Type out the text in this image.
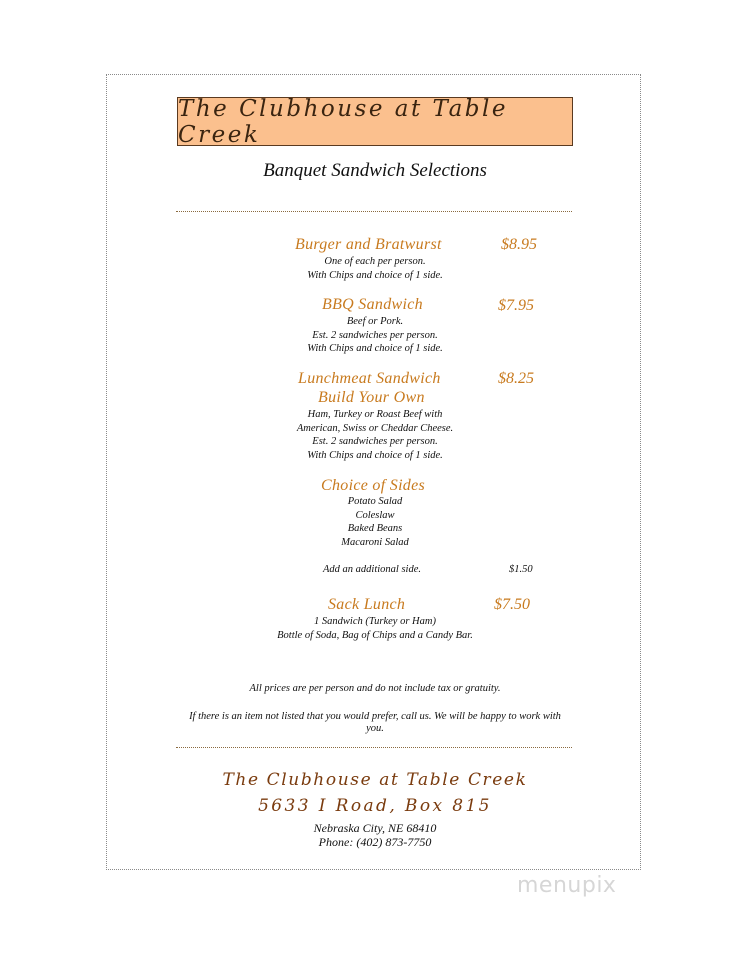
The Clubhouse at Table Creek
Banquet Sandwich Selections
Burger and Bratwurst	$8.95
One of each per person.
With Chips and choice of 1 side.
BBQ Sandwich	$7.95
Beef or Pork.
Est. 2 sandwiches per person.
With Chips and choice of 1 side.
Lunchmeat Sandwich	$8.25
Build Your Own
Ham, Turkey or Roast Beef with
American, Swiss or Cheddar Cheese.
Est. 2 sandwiches per person.
With Chips and choice of 1 side.
Choice of Sides
Potato Salad
Coleslaw
Baked Beans
Macaroni Salad
Add an additional side.	$1.50
Sack Lunch	$7.50
1 Sandwich (Turkey or Ham)
Bottle of Soda, Bag of Chips and a Candy Bar.
All prices are per person and do not include tax or gratuity.
If there is an item not listed that you would prefer, call us. We will be happy to work with you.
The Clubhouse at Table Creek
5633 I Road, Box 815
Nebraska City, NE 68410
Phone: (402) 873-7750
menupix
